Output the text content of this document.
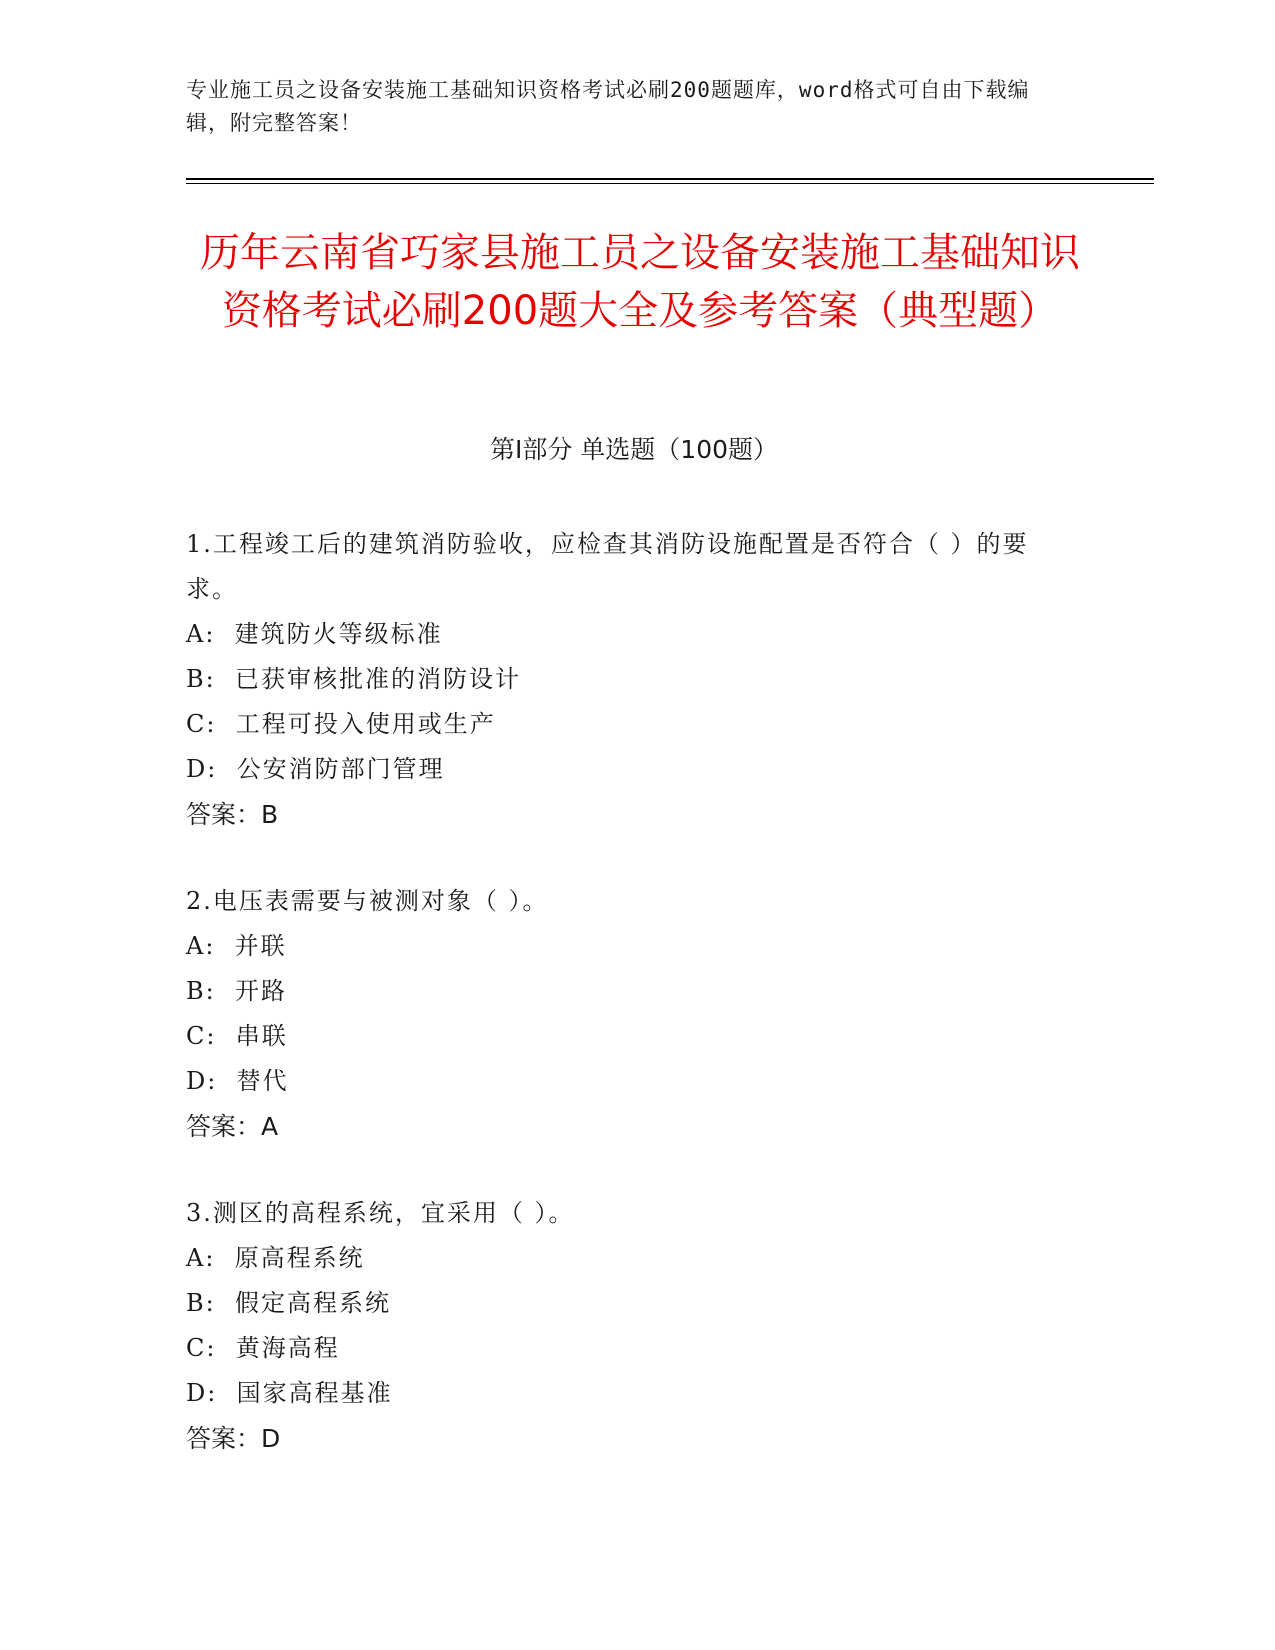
专业施工员之设备安装施工基础知识资格考试必刷200题题库，word格式可自由下载编辑，附完整答案！
历年云南省巧家县施工员之设备安装施工基础知识资格考试必刷200题大全及参考答案（典型题）
第Ⅰ部分 单选题（100题）

1.工程竣工后的建筑消防验收，应检查其消防设施配置是否符合（ ）的要求。

A:  建筑防火等级标准

B:  已获审核批准的消防设计

C:  工程可投入使用或生产

D:  公安消防部门管理

答案：B

2.电压表需要与被测对象（ ）。

A:  并联

B:  开路

C:  串联

D:  替代

答案：A

3.测区的高程系统，宜采用（ ）。

A:  原高程系统

B:  假定高程系统

C:  黄海高程

D:  国家高程基准

答案：D
